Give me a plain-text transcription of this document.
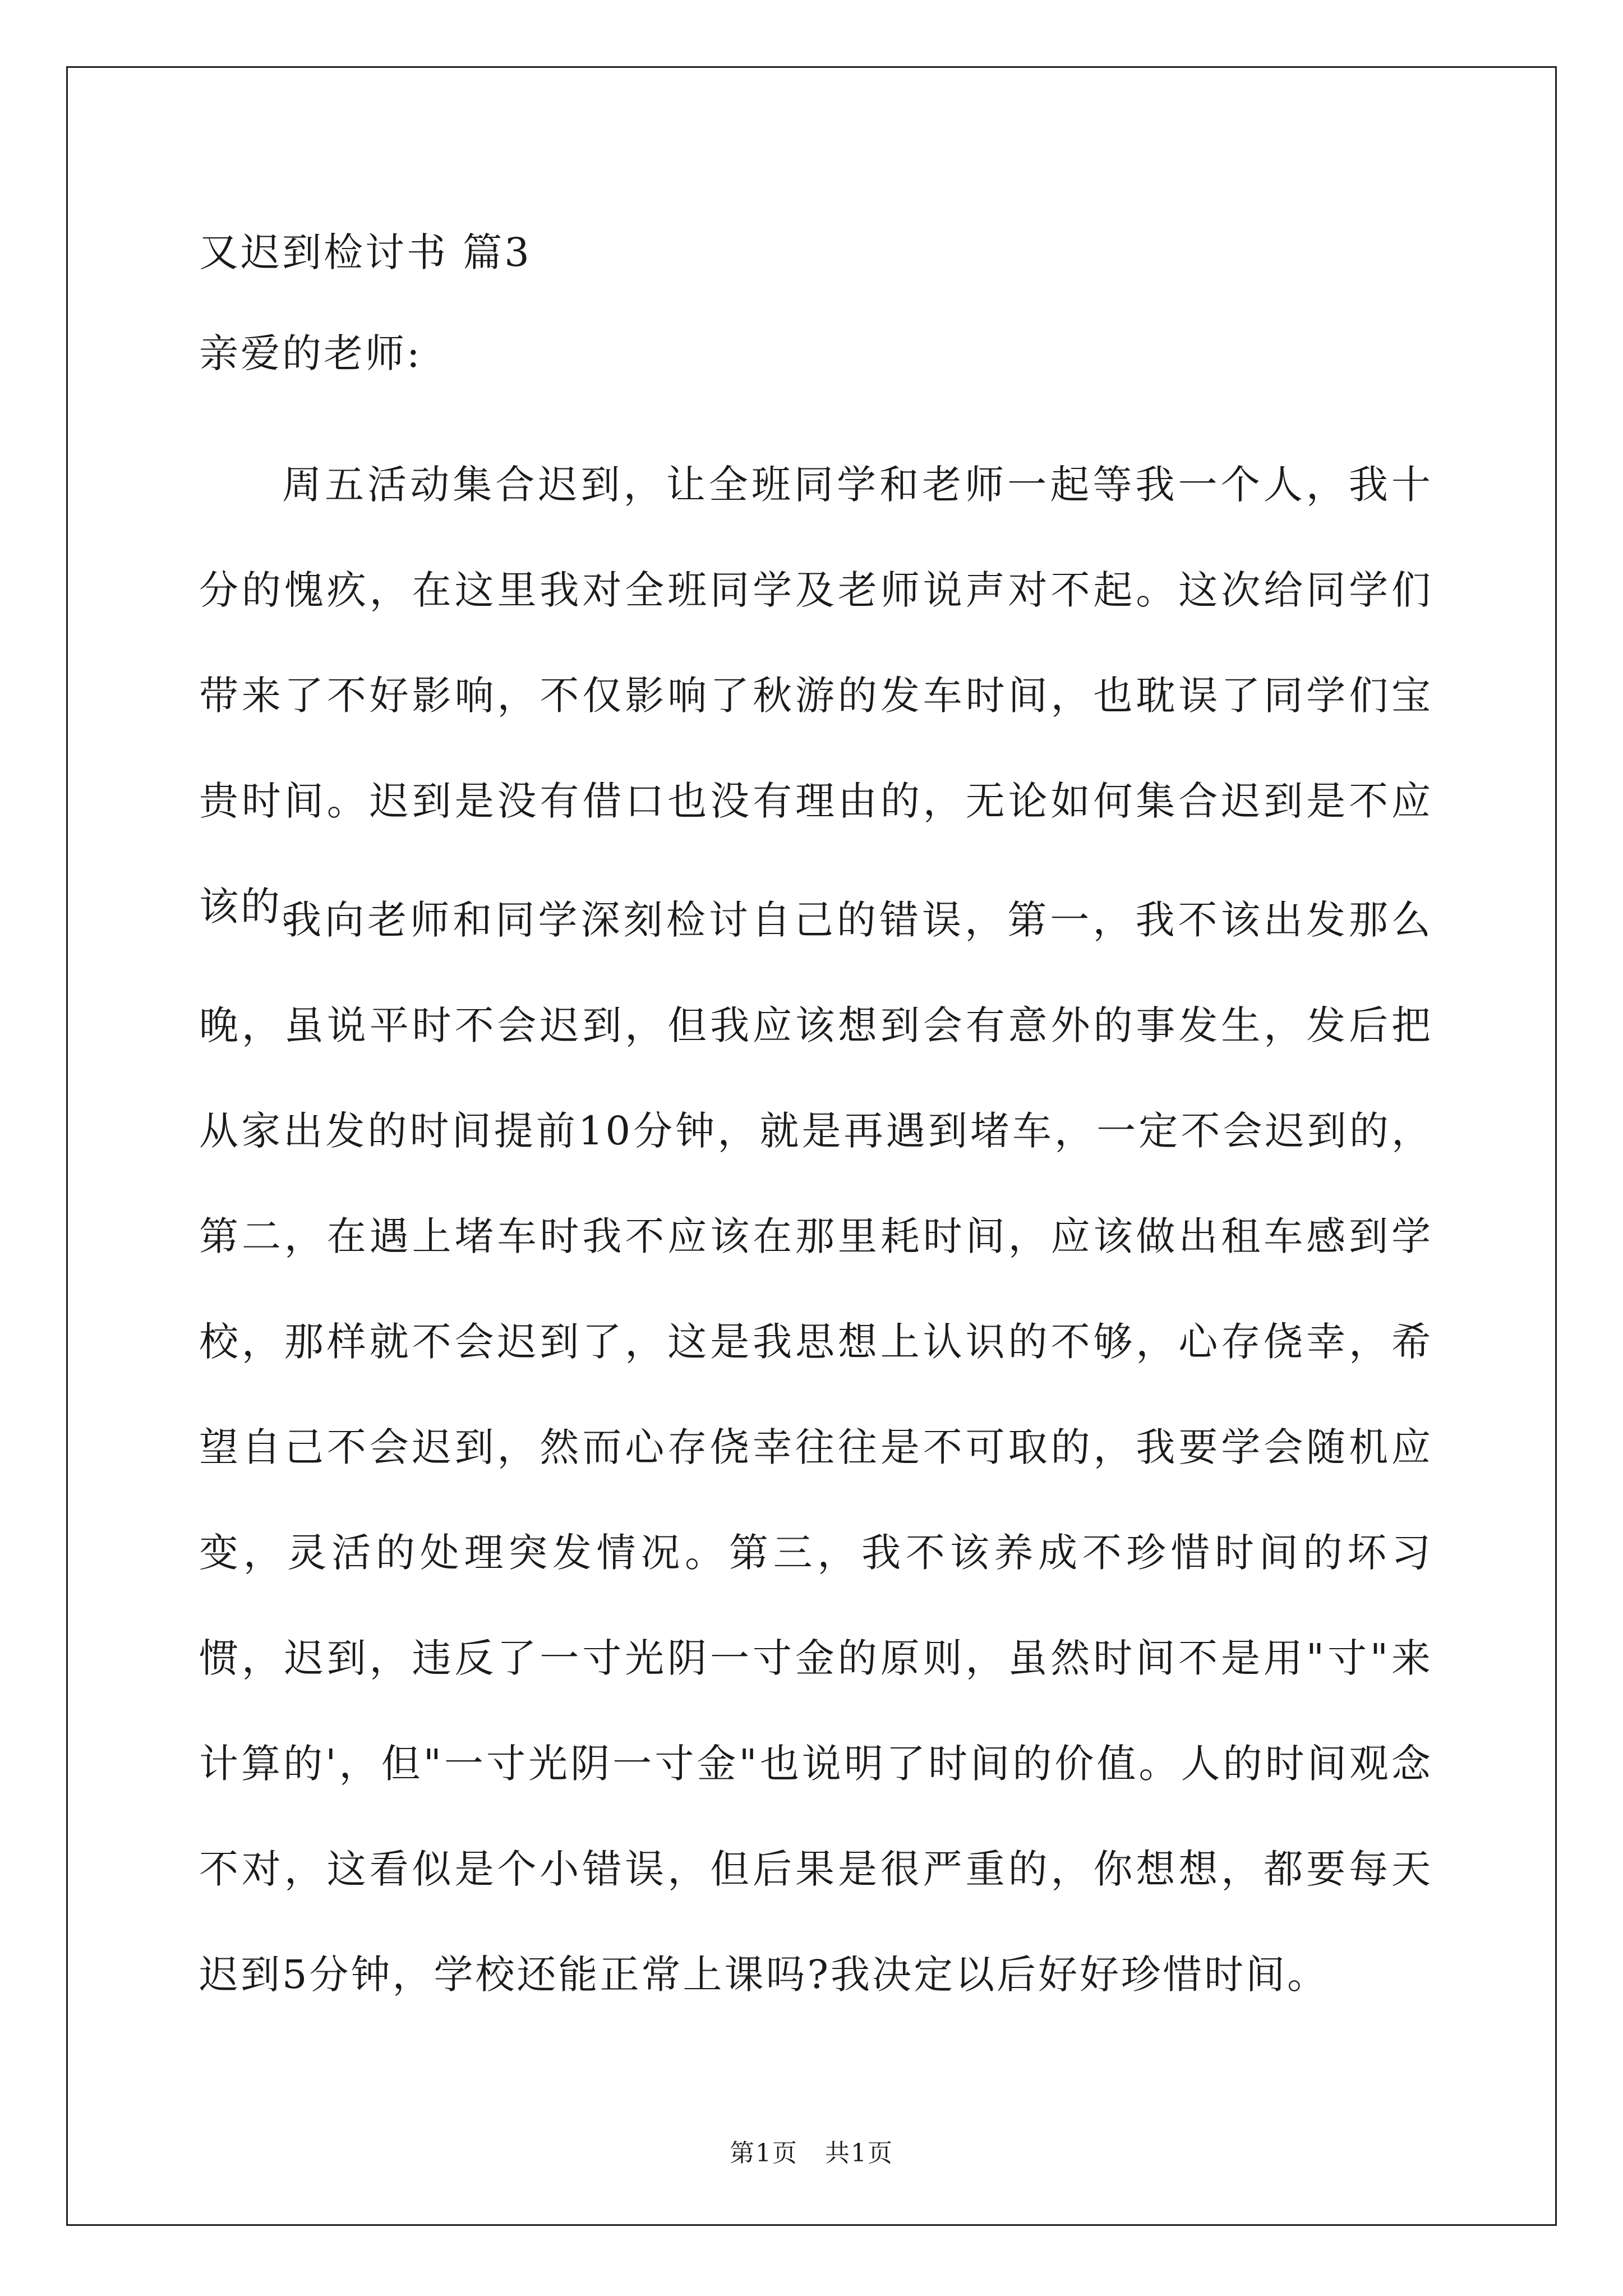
又迟到检讨书 篇3
亲爱的老师:

周五活动集合迟到，让全班同学和老师一起等我一个人，我十分的愧疚，在这里我对全班同学及老师说声对不起。这次给同学们带来了不好影响，不仅影响了秋游的发车时间，也耽误了同学们宝贵时间。迟到是没有借口也没有理由的，无论如何集合迟到是不应该的。

我向老师和同学深刻检讨自己的错误，第一，我不该出发那么晚，虽说平时不会迟到，但我应该想到会有意外的事发生，发后把从家出发的时间提前10分钟，就是再遇到堵车，一定不会迟到的，第二，在遇上堵车时我不应该在那里耗时间，应该做出租车感到学校，那样就不会迟到了，这是我思想上认识的不够，心存侥幸，希望自己不会迟到，然而心存侥幸往往是不可取的，我要学会随机应变，灵活的处理突发情况。第三，我不该养成不珍惜时间的坏习惯，迟到，违反了一寸光阴一寸金的原则，虽然时间不是用"寸"来计算的'，但"一寸光阴一寸金"也说明了时间的价值。人的时间观念不对，这看似是个小错误，但后果是很严重的，你想想，都要每天迟到5分钟，学校还能正常上课吗?我决定以后好好珍惜时间。

第1页   共1页
